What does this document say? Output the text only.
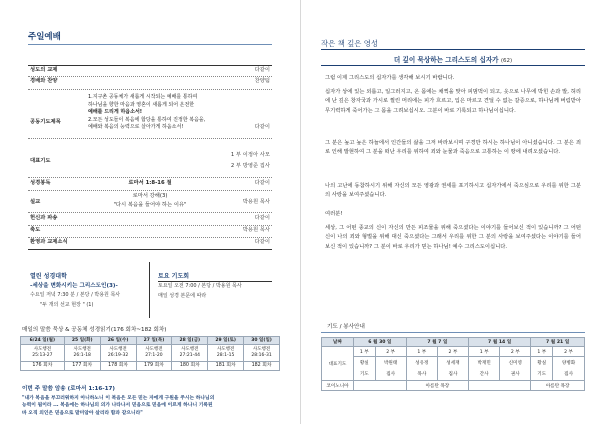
주일예배
성도의 교제	다같이
경배와 찬양	찬양팀
공동기도제목
다같이
1.지구촌 공동체가 새롭게 시작되는 예배를 통하여
하나님을 향한 마음과 영혼이 새롭게 되어 온전한
예배를 드리게 하옵소서!
2.모든 성도들이 복음에 합당을 통하여 진정한 복음을,
예배와 복음의 능력으로 살아가게 하옵소서!
대표기도
1 부 이정아 사모
2 부 방영준 집사
성경봉독	다같이
로마서 1:8-16 절
설교	박용원 목사
로마서 강해(3)
"다시 복음을 들어야 하는 이유"
헌신과 파송	다같이
축도	박용원 목사
환영과 교제소식	다같이
열린 성경대학
-세상을 변화시키는 그리스도인(3)-
수요일 저녁 7:30 분 / 본당 / 박용원 목사
"두 개의 선교 현장 " (1)
토요 기도회
토요일 오전 7:00 / 본당 / 박용원 목사
매일 성경 본문에 따라
매일의 말씀 묵상 & 공동체 성경읽기(176 회차~182 회차)
6/24 일(월)	25 일(화)	26 일(수)	27 일(목)	28 일(금)	29 일(토)	30 일(일)
사도행전	사도행전	사도행전	사도행전	사도행전	사도행전	사도행전
25:13-27	26:1-18	26:19-32	27:1-20	27:21-44	28:1-15	28:16-31
176 회차	177 회차	178 회차	179 회차	180 회차	181 회차	182 회차
이번 주 말씀 암송 (로마서 1:16-17)
"내가 복음을 부끄러워하지 아니하노니 이 복음은 모든 믿는 자에게 구원을 주시는 하나님의
능력이 됨이라 ... 복음에는 하나님의 의가 나타나서 믿음으로 믿음에 이르게 하나니 기록된
바 오직 의인은 믿음으로 말미암아 살리라 함과 같으니라"
작은 책 깊은 영성
더 깊이 묵상하는 그리스도의 십자가 (62)
그럼 이제 그리스도의 십자가를 생각해 보시기 바랍니다.
십자가 상에 있는 외롭고, 일그러지고, 온 몸에는 채찍을 맞아 피범벅이 되고, 옷으로 나무에 박힌 손과 발, 허리에 난 깊은 창자국과 가시로 찔린 머리에는 피가 흐르고, 입은 마르고 견딜 수 없는 갈증으로, 하나님께 버림받아 무기력하게 죽어가는 그 몸을 그려보십시오. 그분이 바로 기록되고 하나님이십니다.
그 분은 높고 높은 하늘에서 인간들의 삶을 그저 바라보시며 구경만 하시는 하나님이 아니셨습니다. 그 분은 죄로 인해 발현하여 그 분을 떠난 우리를 위하여 죄와 눈물과 죽음으로 고통하는 이 땅에 내려오셨습니다.
나의 고난에 동참하시기 위해 자신의 모든 영광과 권세를 포기하시고 십자가에서 죽으심으로 우리를 위한 그분의 사랑을 보여주셨습니다.
여러분!
세상, 그 어떤 종교의 신이 자신의 만든 피조물을 위해 죽으셨다는 이야기를 들어보신 적이 있습니까? 그 어떤 신이 나의 죄와 형벌을 위해 대신 죽으셨다는 그래서 우리를 위한 그 분의 사랑을 보여주셨다는 이야기를 들어 보신 적이 있습니까? 그 분이 바로 우리가 믿는 하나님! 예수 그리스도이십니다.
기도 / 봉사안내
날짜	6 월 30 일		7 월 7 일		7 월 14 일		7 월 21 일	
대표기도	1 부	2 부	1 부	2 부	1 부	2 부	1 부	2 부
	황실	박원태	성유정	성세재	박재민	신미영	황실	양병화
	기도	집사	목사	집사	간사	권사	기도	집사
코이노니아			아름탄 목장				아름탄 목장	
